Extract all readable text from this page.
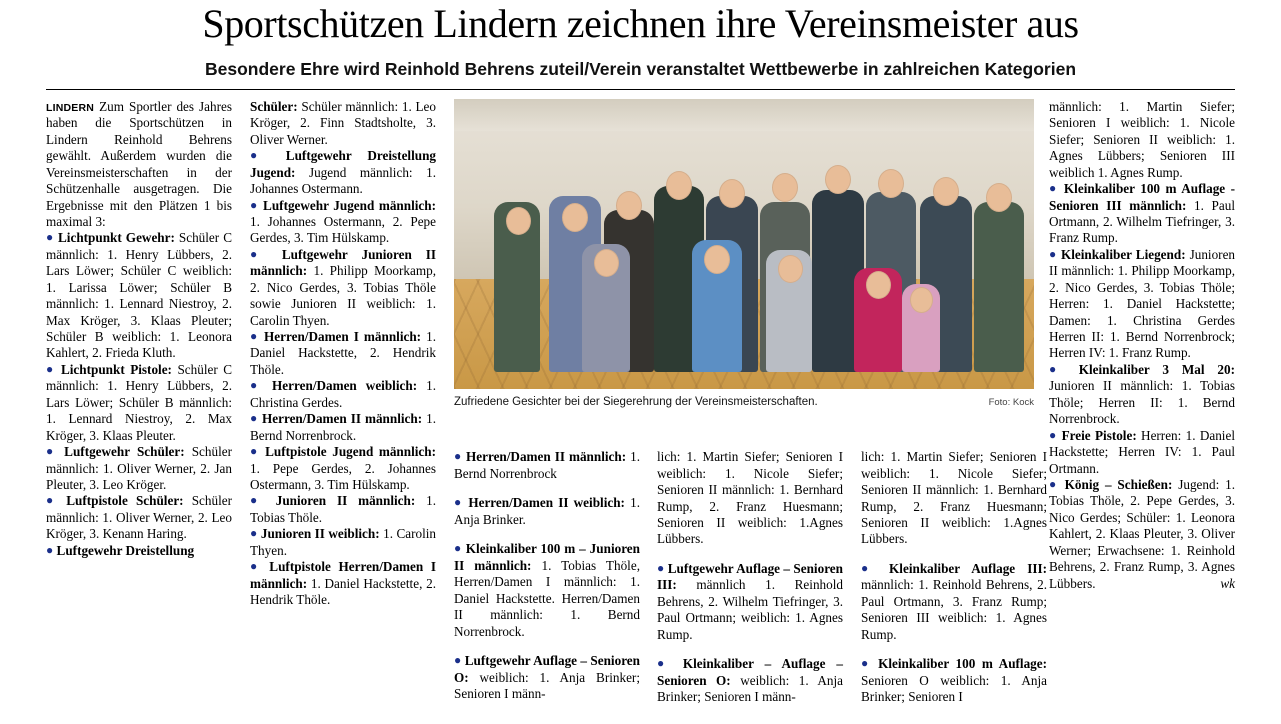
Sportschützen Lindern zeichnen ihre Vereinsmeister aus
Besondere Ehre wird Reinhold Behrens zuteil/Verein veranstaltet Wettbewerbe in zahlreichen Kategorien

LINDERN Zum Sportler des Jahres haben die Sportschützen in Lindern Reinhold Behrens gewählt. Außerdem wurden die Vereinsmeisterschaften in der Schützenhalle ausgetragen. Die Ergebnisse mit den Plätzen 1 bis maximal 3:

● Lichtpunkt Gewehr: Schüler C männlich: 1. Henry Lübbers, 2. Lars Löwer; Schüler C weiblich: 1. Larissa Löwer; Schüler B männlich: 1. Lennard Niestroy, 2. Max Kröger, 3. Klaas Pleuter; Schüler B weiblich: 1. Leonora Kahlert, 2. Frieda Kluth.

● Lichtpunkt Pistole: Schüler C männlich: 1. Henry Lübbers, 2. Lars Löwer; Schüler B männlich: 1. Lennard Niestroy, 2. Max Kröger, 3. Klaas Pleuter.

● Luftgewehr Schüler: Schüler männlich: 1. Oliver Werner, 2. Jan Pleuter, 3. Leo Kröger.

● Luftpistole Schüler: Schüler männlich: 1. Oliver Werner, 2. Leo Kröger, 3. Kenann Haring.

● Luftgewehr Dreistellung

Schüler: Schüler männlich: 1. Leo Kröger, 2. Finn Stadtsholte, 3. Oliver Werner.

● Luftgewehr Dreistellung Jugend: Jugend männlich: 1. Johannes Ostermann.

● Luftgewehr Jugend männlich: 1. Johannes Ostermann, 2. Pepe Gerdes, 3. Tim Hülskamp.

● Luftgewehr Junioren II männlich: 1. Philipp Moorkamp, 2. Nico Gerdes, 3. Tobias Thöle sowie Junioren II weiblich: 1. Carolin Thyen.

● Herren/Damen I männlich: 1. Daniel Hackstette, 2. Hendrik Thöle.

● Herren/Damen weiblich: 1. Christina Gerdes.

● Herren/Damen II männlich: 1. Bernd Norrenbrock.

● Luftpistole Jugend männlich: 1. Pepe Gerdes, 2. Johannes Ostermann, 3. Tim Hülskamp.

● Junioren II männlich: 1. Tobias Thöle.

● Junioren II weiblich: 1. Carolin Thyen.

● Luftpistole Herren/Damen I männlich: 1. Daniel Hackstette, 2. Hendrik Thöle.

Zufriedene Gesichter bei der Siegerehrung der Vereinsmeisterschaften.	Foto: Kock

männlich: 1. Martin Siefer; Senioren I weiblich: 1. Nicole Siefer; Senioren II weiblich: 1. Agnes Lübbers; Senioren III weiblich 1. Agnes Rump.

● Kleinkaliber 100 m Auflage - Senioren III männlich: 1. Paul Ortmann, 2. Wilhelm Tiefringer, 3. Franz Rump.

● Kleinkaliber Liegend: Junioren II männlich: 1. Philipp Moorkamp, 2. Nico Gerdes, 3. Tobias Thöle; Herren: 1. Daniel Hackstette; Damen: 1. Christina Gerdes Herren II: 1. Bernd Norrenbrock; Herren IV: 1. Franz Rump.

● Kleinkaliber 3 Mal 20: Junioren II männlich: 1. Tobias Thöle; Herren II: 1. Bernd Norrenbrock.

● Freie Pistole: Herren: 1. Daniel Hackstette; Herren IV: 1. Paul Ortmann.

● König – Schießen: Jugend: 1. Tobias Thöle, 2. Pepe Gerdes, 3. Nico Gerdes; Schüler: 1. Leonora Kahlert, 2. Klaas Pleuter, 3. Oliver Werner; Erwachsene: 1. Reinhold Behrens, 2. Franz Rump, 3. Agnes Lübbers.	wk

● Herren/Damen II männlich: 1. Bernd Norrenbrock

● Herren/Damen II weiblich: 1. Anja Brinker.

● Kleinkaliber 100 m – Junioren II männlich: 1. Tobias Thöle, Herren/Damen I männlich: 1. Daniel Hackstette. Herren/Damen II männlich: 1. Bernd Norrenbrock.

● Luftgewehr Auflage – Senioren O: weiblich: 1. Anja Brinker; Senioren I männ-

lich: 1. Martin Siefer; Senioren I weiblich: 1. Nicole Siefer; Senioren II männlich: 1. Bernhard Rump, 2. Franz Huesmann; Senioren II weiblich: 1.Agnes Lübbers.

● Luftgewehr Auflage – Senioren III: männlich 1. Reinhold Behrens, 2. Wilhelm Tiefringer, 3. Paul Ortmann; weiblich: 1. Agnes Rump.

● Kleinkaliber – Auflage – Senioren O: weiblich: 1. Anja Brinker; Senioren I männ-

lich: 1. Martin Siefer; Senioren I weiblich: 1. Nicole Siefer; Senioren II männlich: 1. Bernhard Rump, 2. Franz Huesmann; Senioren II weiblich: 1.Agnes Lübbers.

● Kleinkaliber Auflage III: männlich: 1. Reinhold Behrens, 2. Paul Ortmann, 3. Franz Rump; Senioren III weiblich: 1. Agnes Rump.

● Kleinkaliber 100 m Auflage: Senioren O weiblich: 1. Anja Brinker; Senioren I
